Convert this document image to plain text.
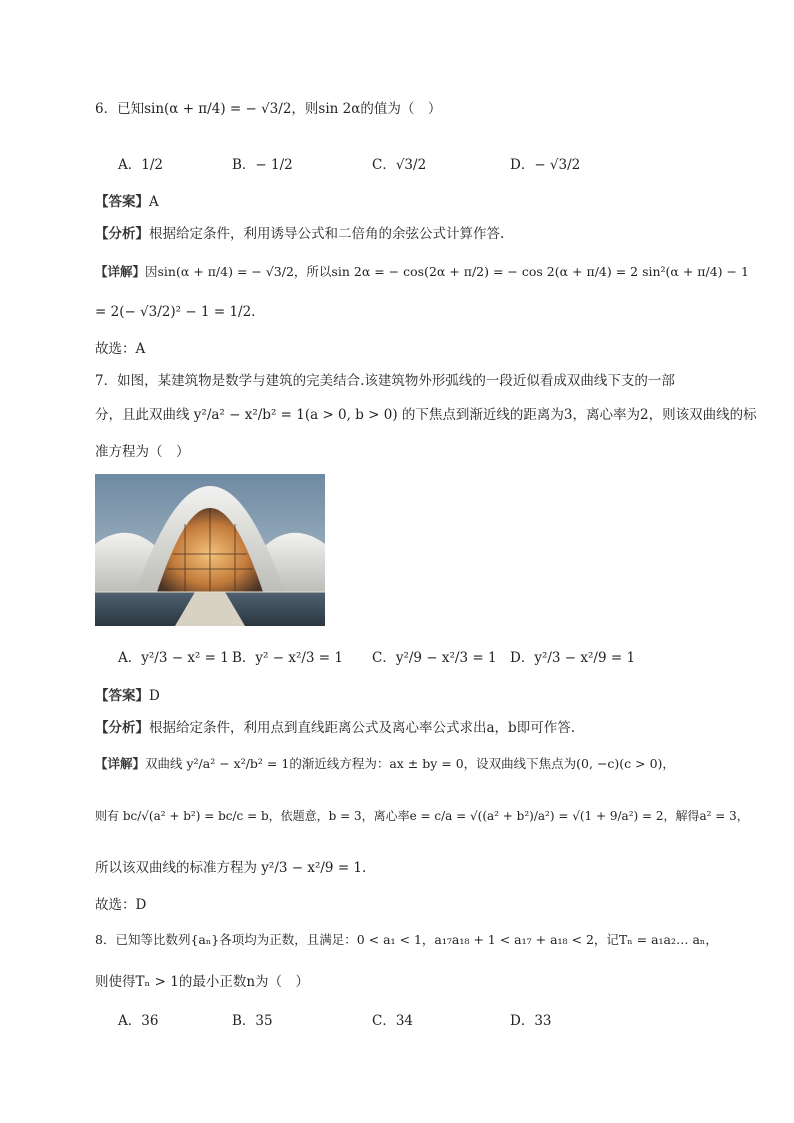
6．已知sin(α + π/4) = − √3/2，则sin 2α的值为（　）
A．1/2	B．− 1/2	C．√3/2	D．− √3/2
【答案】A
【分析】根据给定条件，利用诱导公式和二倍角的余弦公式计算作答.
【详解】因sin(α + π/4) = − √3/2，所以sin 2α = − cos(2α + π/2) = − cos 2(α + π/4) = 2 sin²(α + π/4) − 1
= 2(− √3/2)² − 1 = 1/2.
故选：A
7．如图，某建筑物是数学与建筑的完美结合.该建筑物外形弧线的一段近似看成双曲线下支的一部
分，且此双曲线 y²/a² − x²/b² = 1(a > 0, b > 0) 的下焦点到渐近线的距离为3，离心率为2，则该双曲线的标
准方程为（　）
A．y²/3 − x² = 1 B．y² − x²/3 = 1 C．y²/9 − x²/3 = 1 D．y²/3 − x²/9 = 1
【答案】D
【分析】根据给定条件，利用点到直线距离公式及离心率公式求出a，b即可作答.
【详解】双曲线 y²/a² − x²/b² = 1的渐近线方程为：ax ± by = 0，设双曲线下焦点为(0, −c)(c > 0)，
则有 bc/√(a² + b²) = bc/c = b，依题意，b = 3，离心率e = c/a = √((a² + b²)/a²) = √(1 + 9/a²) = 2，解得a² = 3，
所以该双曲线的标准方程为 y²/3 − x²/9 = 1.
故选：D
8．已知等比数列{aₙ}各项均为正数，且满足：0 < a₁ < 1，a₁₇a₁₈ + 1 < a₁₇ + a₁₈ < 2，记Tₙ = a₁a₂… aₙ，
则使得Tₙ > 1的最小正数n为（　）
A．36	B．35	C．34	D．33
